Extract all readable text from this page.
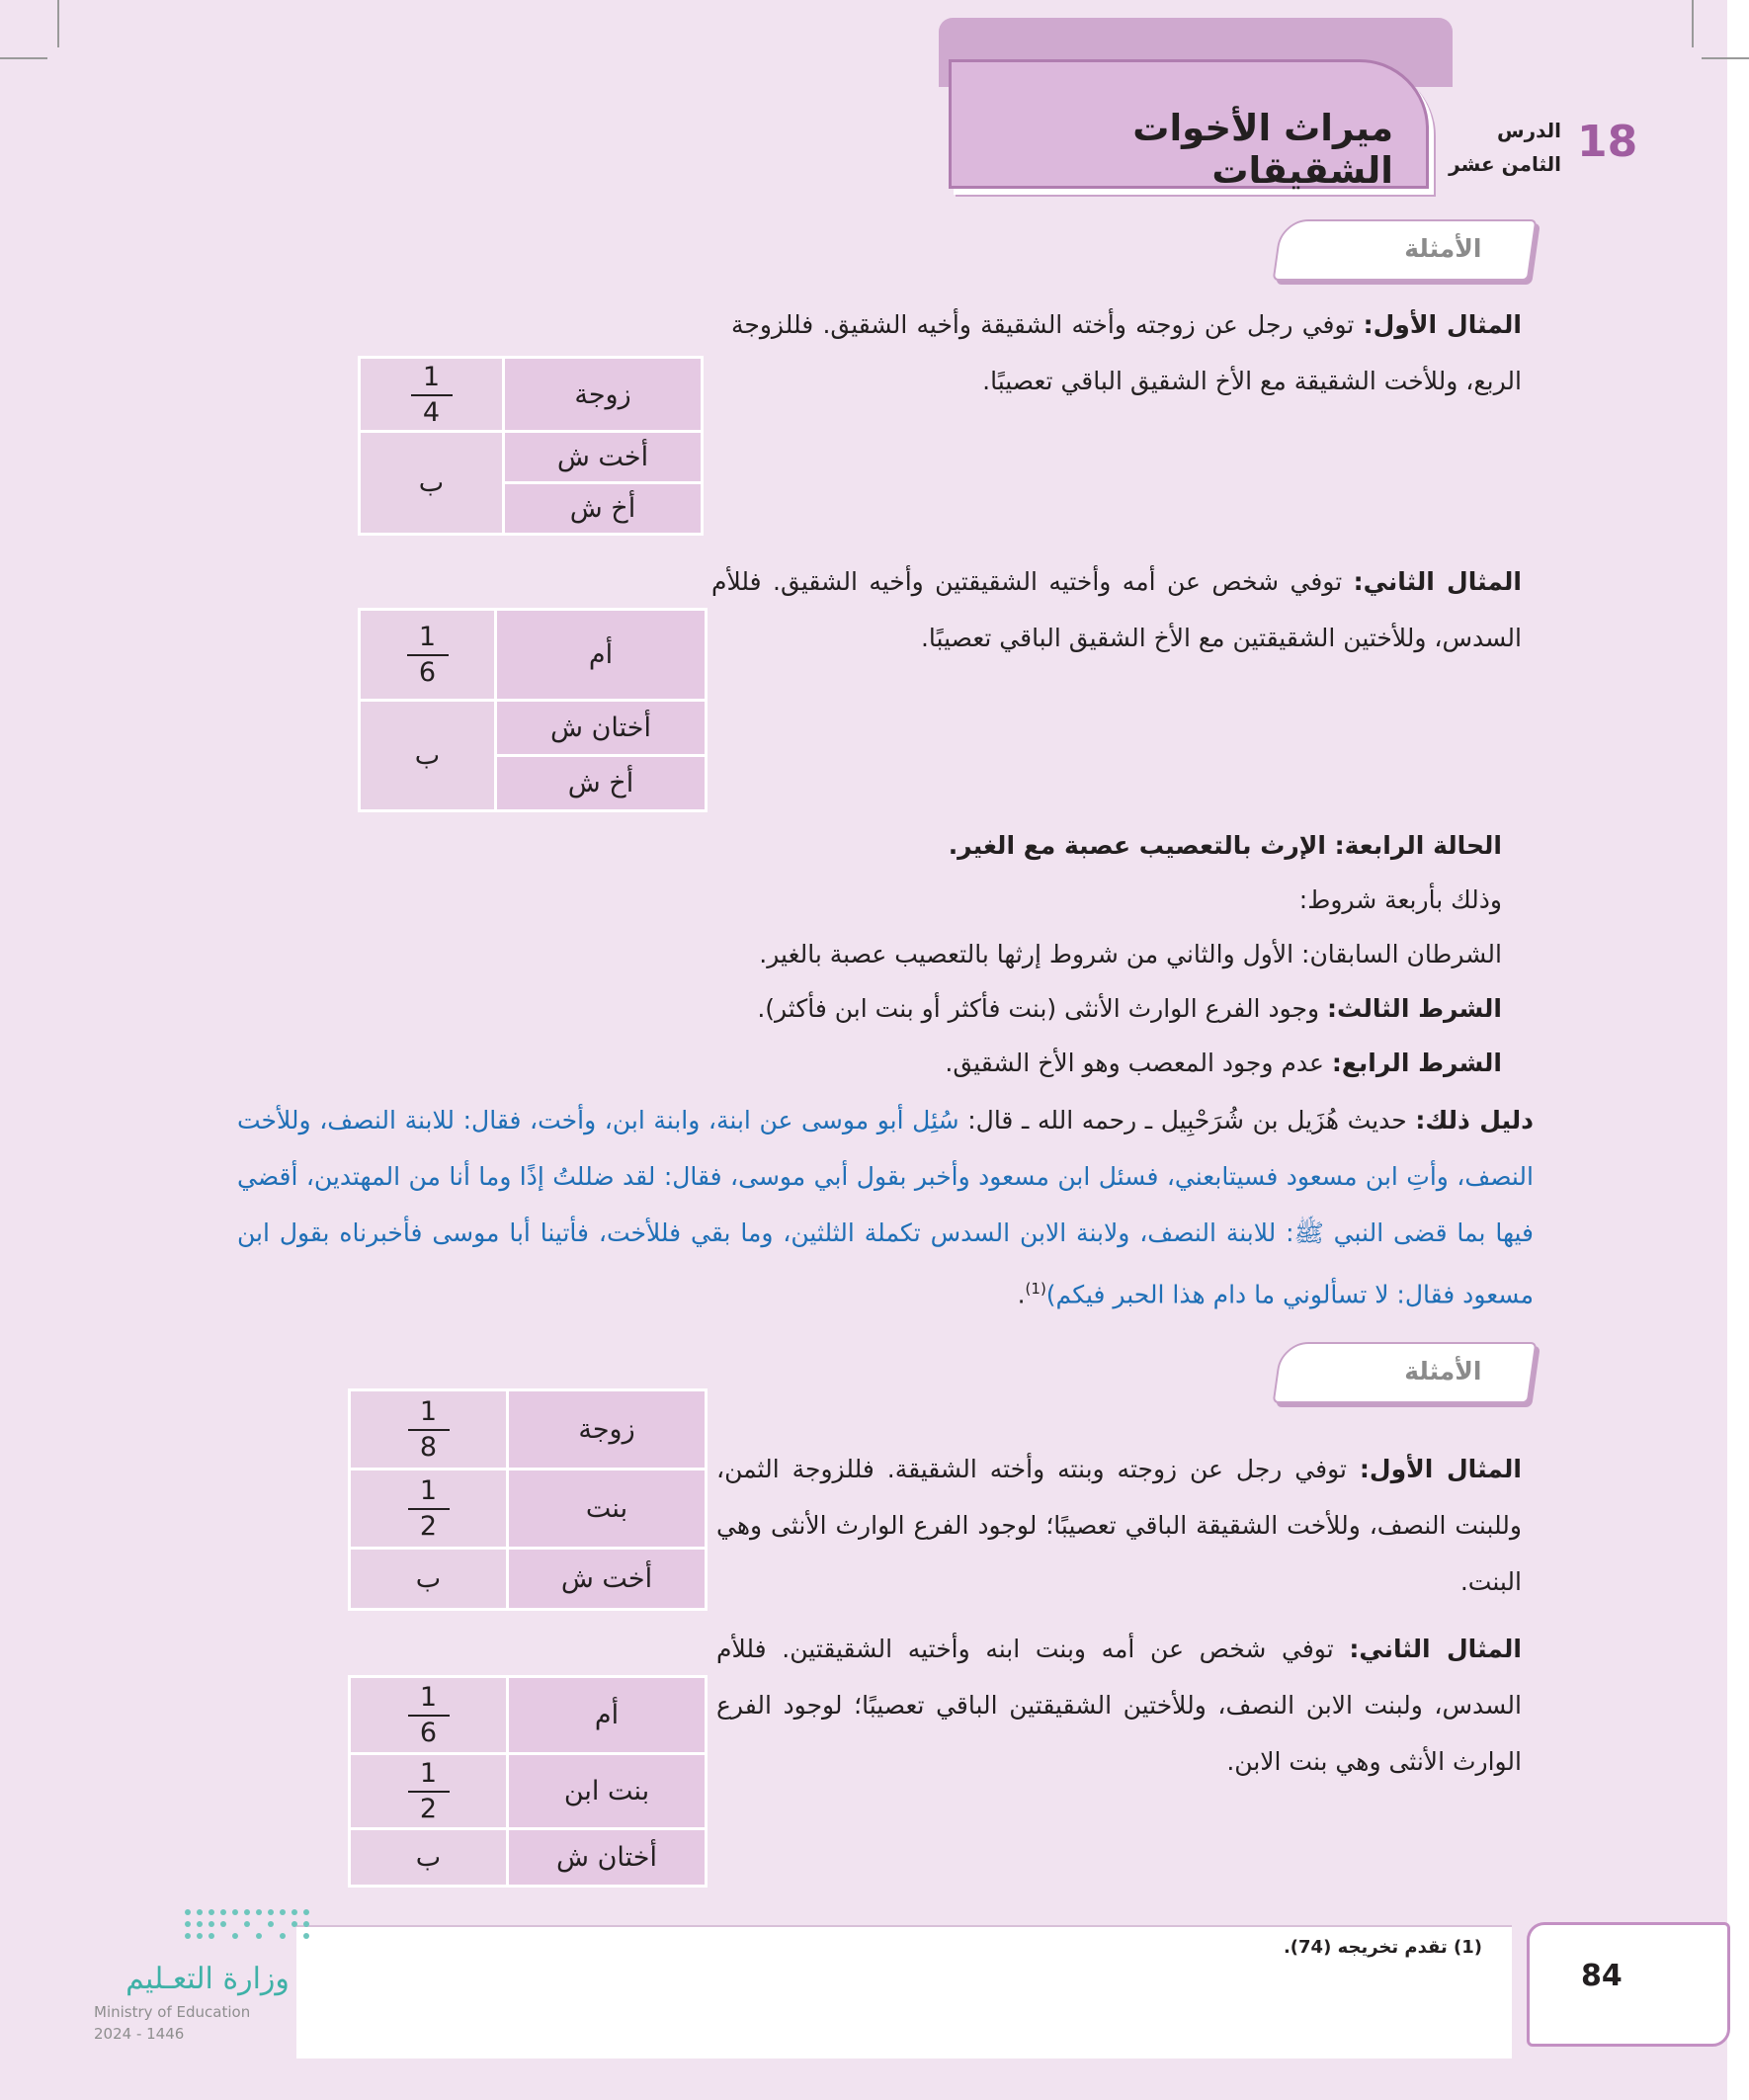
ميراث الأخوات الشقيقات
الدرس
الثامن عشر 18
الأمثلة
المثال الأول: توفي رجل عن زوجته وأخته الشقيقة وأخيه الشقيق. فللزوجة الربع، وللأخت الشقيقة مع الأخ الشقيق الباقي تعصيبًا.
زوجة	$\frac{1}{4}$

أخت ش	ب
أخ ش	
المثال الثاني: توفي شخص عن أمه وأختيه الشقيقتين وأخيه الشقيق. فللأم السدس، وللأختين الشقيقتين مع الأخ الشقيق الباقي تعصيبًا.
أم	$\frac{1}{6}$

أختان ش	ب
أخ ش	
الحالة الرابعة: الإرث بالتعصيب عصبة مع الغير.
وذلك بأربعة شروط:
الشرطان السابقان: الأول والثاني من شروط إرثها بالتعصيب عصبة بالغير.
الشرط الثالث: وجود الفرع الوارث الأنثى (بنت فأكثر أو بنت ابن فأكثر).
الشرط الرابع: عدم وجود المعصب وهو الأخ الشقيق.
دليل ذلك: حديث هُزَيل بن شُرَحْبِيل ـ رحمه الله ـ قال: سُئِل أبو موسى عن ابنة، وابنة ابن، وأخت، فقال: للابنة النصف، وللأخت النصف، وأتِ ابن مسعود فسيتابعني، فسئل ابن مسعود وأخبر بقول أبي موسى، فقال: لقد ضللتُ إذًا وما أنا من المهتدين، أقضي فيها بما قضى النبي ﷺ: للابنة النصف، ولابنة الابن السدس تكملة الثلثين، وما بقي فللأخت، فأتينا أبا موسى فأخبرناه بقول ابن مسعود فقال: لا تسألوني ما دام هذا الحبر فيكم)$^{(1)}$.
الأمثلة
زوجة	$\frac{1}{8}$

بنت	$\frac{1}{2}$

أخت ش	ب
المثال الأول: توفي رجل عن زوجته وبنته وأخته الشقيقة. فللزوجة الثمن، وللبنت النصف، وللأخت الشقيقة الباقي تعصيبًا؛ لوجود الفرع الوارث الأنثى وهي البنت.
أم	$\frac{1}{6}$

بنت ابن	$\frac{1}{2}$

أختان ش	ب
المثال الثاني: توفي شخص عن أمه وبنت ابنه وأختيه الشقيقتين. فللأم السدس، ولبنت الابن النصف، وللأختين الشقيقتين الباقي تعصيبًا؛ لوجود الفرع الوارث الأنثى وهي بنت الابن.
(1) تقدم تخريجه (74).
84
وزارة التعـليم
Ministry of Education
2024 - 1446
